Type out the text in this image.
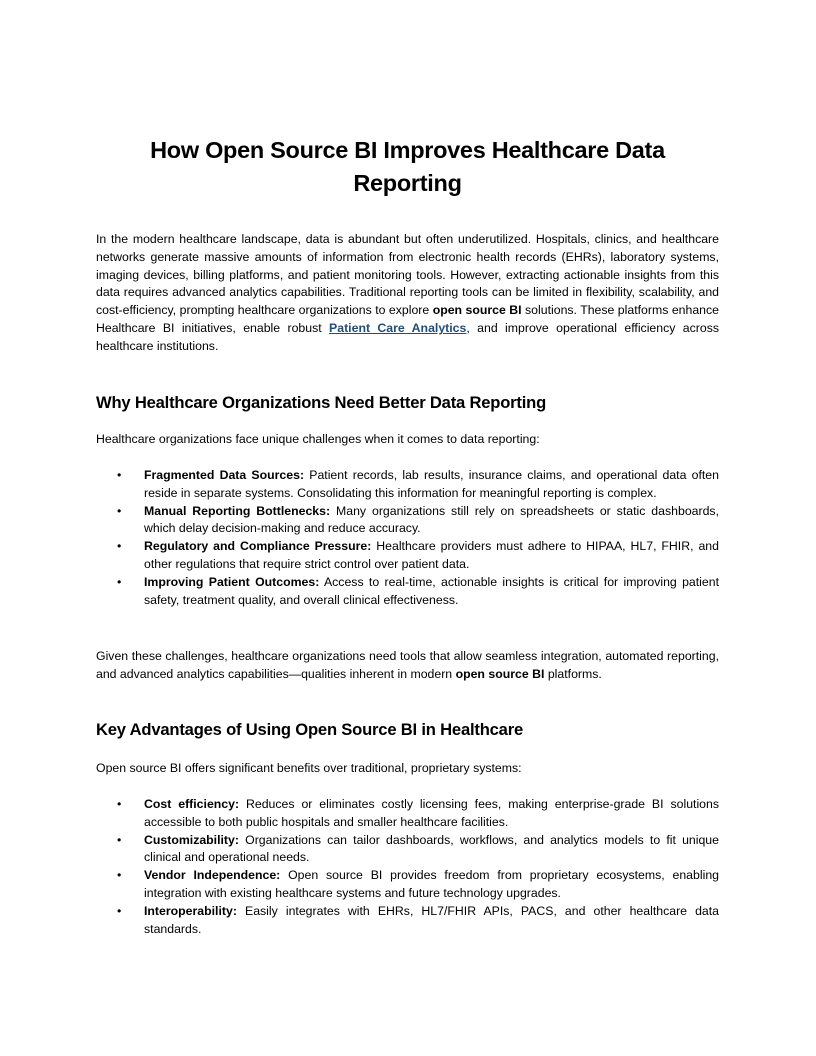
How Open Source BI Improves Healthcare Data Reporting

In the modern healthcare landscape, data is abundant but often underutilized. Hospitals, clinics, and healthcare networks generate massive amounts of information from electronic health records (EHRs), laboratory systems, imaging devices, billing platforms, and patient monitoring tools. However, extracting actionable insights from this data requires advanced analytics capabilities. Traditional reporting tools can be limited in flexibility, scalability, and cost-efficiency, prompting healthcare organizations to explore open source BI solutions. These platforms enhance Healthcare BI initiatives, enable robust Patient Care Analytics, and improve operational efficiency across healthcare institutions.

Why Healthcare Organizations Need Better Data Reporting

Healthcare organizations face unique challenges when it comes to data reporting:

• Fragmented Data Sources: Patient records, lab results, insurance claims, and operational data often reside in separate systems. Consolidating this information for meaningful reporting is complex.
• Manual Reporting Bottlenecks: Many organizations still rely on spreadsheets or static dashboards, which delay decision-making and reduce accuracy.
• Regulatory and Compliance Pressure: Healthcare providers must adhere to HIPAA, HL7, FHIR, and other regulations that require strict control over patient data.
• Improving Patient Outcomes: Access to real-time, actionable insights is critical for improving patient safety, treatment quality, and overall clinical effectiveness.

Given these challenges, healthcare organizations need tools that allow seamless integration, automated reporting, and advanced analytics capabilities—qualities inherent in modern open source BI platforms.

Key Advantages of Using Open Source BI in Healthcare

Open source BI offers significant benefits over traditional, proprietary systems:

• Cost efficiency: Reduces or eliminates costly licensing fees, making enterprise-grade BI solutions accessible to both public hospitals and smaller healthcare facilities.
• Customizability: Organizations can tailor dashboards, workflows, and analytics models to fit unique clinical and operational needs.
• Vendor Independence: Open source BI provides freedom from proprietary ecosystems, enabling integration with existing healthcare systems and future technology upgrades.
• Interoperability: Easily integrates with EHRs, HL7/FHIR APIs, PACS, and other healthcare data standards.
